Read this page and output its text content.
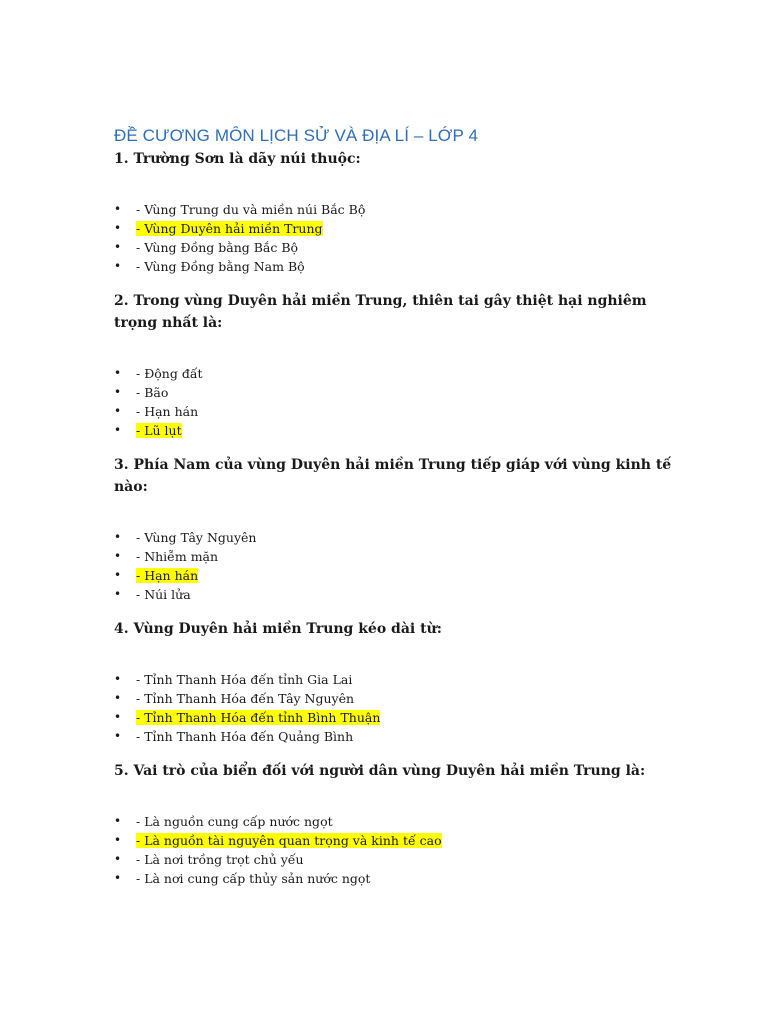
ĐỀ CƯƠNG MÔN LỊCH SỬ VÀ ĐỊA LÍ – LỚP 4

1. Trường Sơn là dãy núi thuộc:

• - Vùng Trung du và miền núi Bắc Bộ
• - Vùng Duyên hải miền Trung
• - Vùng Đồng bằng Bắc Bộ
• - Vùng Đồng bằng Nam Bộ

2. Trong vùng Duyên hải miền Trung, thiên tai gây thiệt hại nghiêm trọng nhất là:

• - Động đất
• - Bão
• - Hạn hán
• - Lũ lụt

3. Phía Nam của vùng Duyên hải miền Trung tiếp giáp với vùng kinh tế nào:

• - Vùng Tây Nguyên
• - Nhiễm mặn
• - Hạn hán
• - Núi lửa

4. Vùng Duyên hải miền Trung kéo dài từ:

• - Tỉnh Thanh Hóa đến tỉnh Gia Lai
• - Tỉnh Thanh Hóa đến Tây Nguyên
• - Tỉnh Thanh Hóa đến tỉnh Bình Thuận
• - Tỉnh Thanh Hóa đến Quảng Bình

5. Vai trò của biển đối với người dân vùng Duyên hải miền Trung là:

• - Là nguồn cung cấp nước ngọt
• - Là nguồn tài nguyên quan trọng và kinh tế cao
• - Là nơi trồng trọt chủ yếu
• - Là nơi cung cấp thủy sản nước ngọt
